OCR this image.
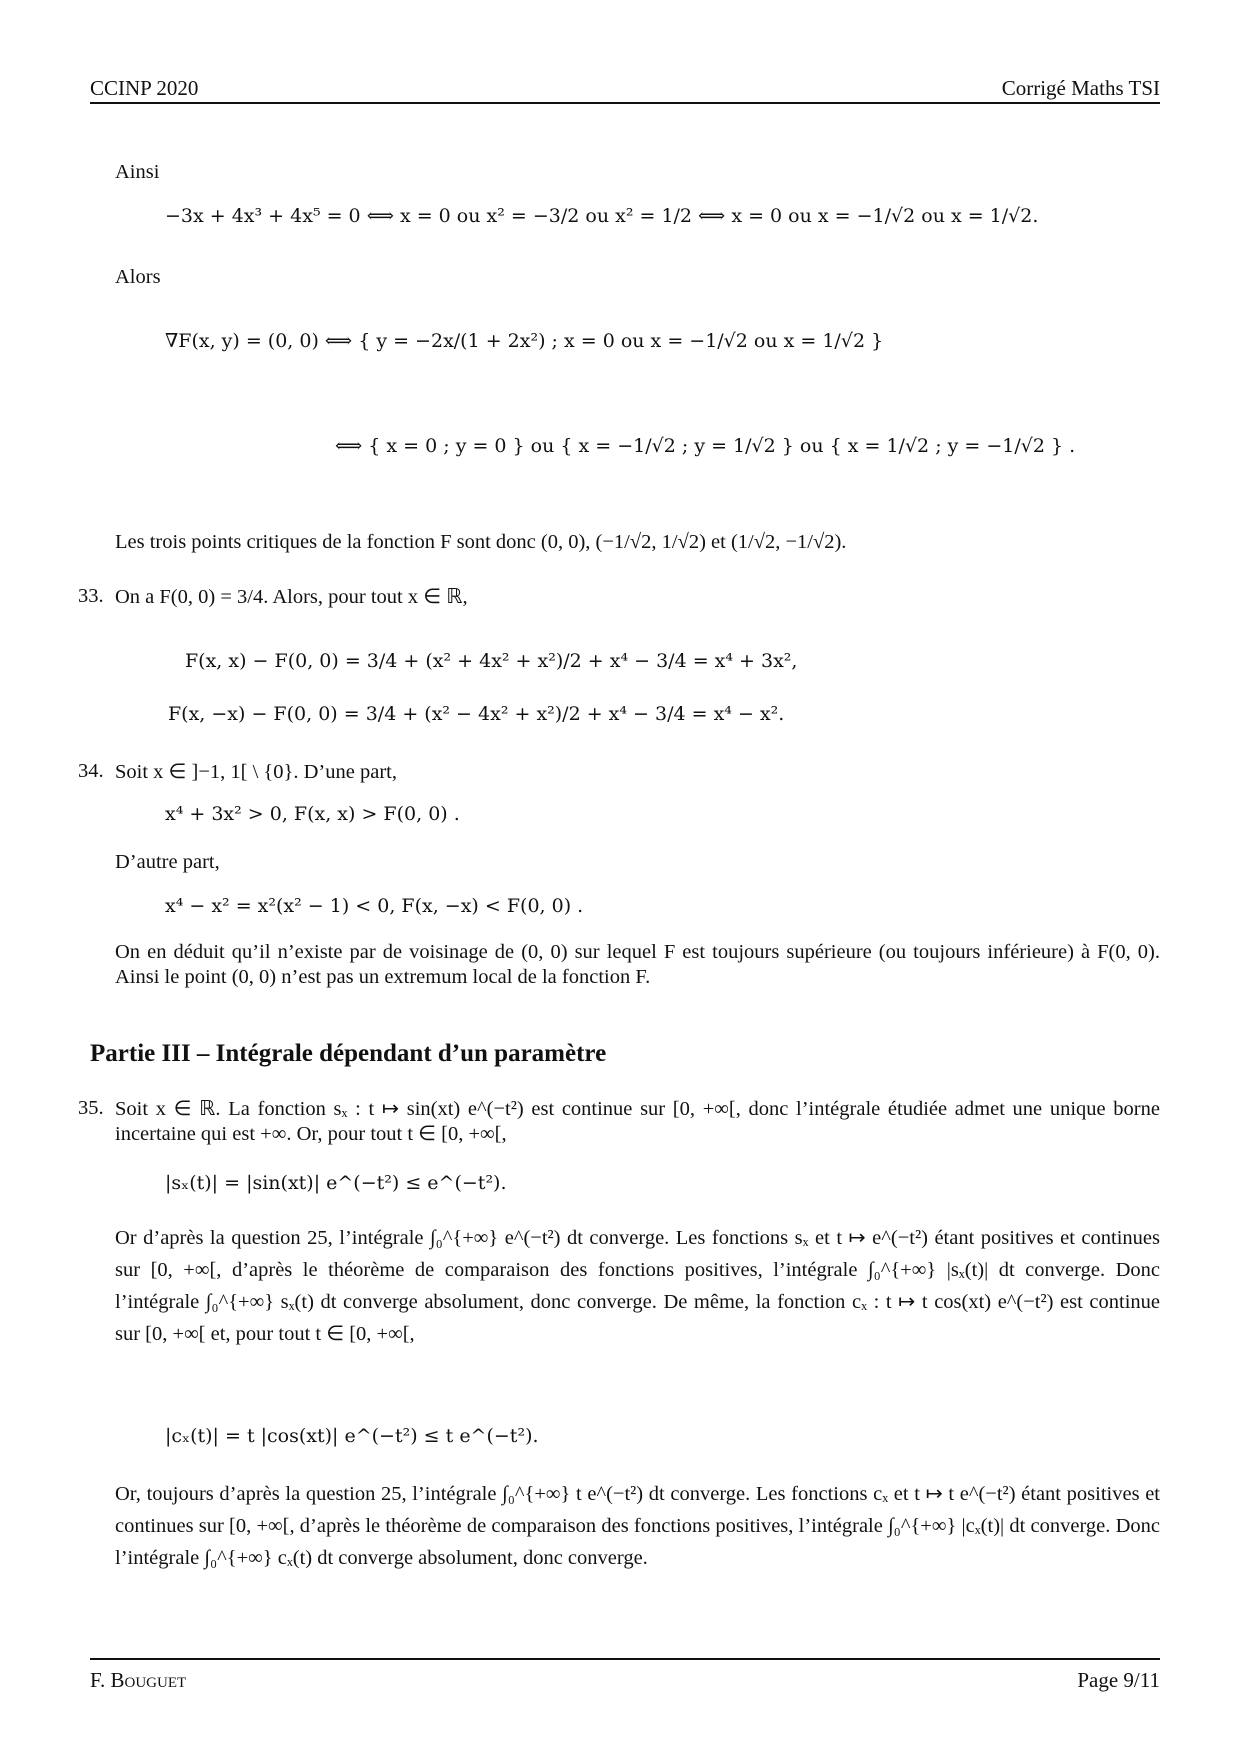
CCINP 2020	Corrigé Maths TSI
Ainsi
−3x + 4x³ + 4x⁵ = 0 ⟺ x = 0 ou x² = −3/2 ou x² = 1/2 ⟺ x = 0 ou x = −1/√2 ou x = 1/√2.
Alors
∇F(x, y) = (0, 0) ⟺ { y = −2x/(1 + 2x²) ; x = 0 ou x = −1/√2 ou x = 1/√2 }
⟺ { x = 0 ; y = 0 } ou { x = −1/√2 ; y = 1/√2 } ou { x = 1/√2 ; y = −1/√2 } .
Les trois points critiques de la fonction F sont donc (0, 0), (−1/√2, 1/√2) et (1/√2, −1/√2).
33. On a F(0, 0) = 3/4. Alors, pour tout x ∈ ℝ,
F(x, x) − F(0, 0) = 3/4 + (x² + 4x² + x²)/2 + x⁴ − 3/4 = x⁴ + 3x²,
F(x, −x) − F(0, 0) = 3/4 + (x² − 4x² + x²)/2 + x⁴ − 3/4 = x⁴ − x².
34. Soit x ∈ ]−1, 1[ \ {0}. D’une part,
x⁴ + 3x² > 0, F(x, x) > F(0, 0) .
D’autre part,
x⁴ − x² = x²(x² − 1) < 0, F(x, −x) < F(0, 0) .
On en déduit qu’il n’existe par de voisinage de (0, 0) sur lequel F est toujours supérieure (ou toujours inférieure) à F(0, 0). Ainsi le point (0, 0) n’est pas un extremum local de la fonction F.
Partie III – Intégrale dépendant d’un paramètre
35. Soit x ∈ ℝ. La fonction sₓ : t ↦ sin(xt) e^(−t²) est continue sur [0, +∞[, donc l’intégrale étudiée admet une unique borne incertaine qui est +∞. Or, pour tout t ∈ [0, +∞[,
|sₓ(t)| = |sin(xt)| e^(−t²) ≤ e^(−t²).
Or d’après la question 25, l’intégrale ∫₀^{+∞} e^(−t²) dt converge. Les fonctions sₓ et t ↦ e^(−t²) étant positives et continues sur [0, +∞[, d’après le théorème de comparaison des fonctions positives, l’intégrale ∫₀^{+∞} |sₓ(t)| dt converge. Donc l’intégrale ∫₀^{+∞} sₓ(t) dt converge absolument, donc converge. De même, la fonction cₓ : t ↦ t cos(xt) e^(−t²) est continue sur [0, +∞[ et, pour tout t ∈ [0, +∞[,
|cₓ(t)| = t |cos(xt)| e^(−t²) ≤ t e^(−t²).
Or, toujours d’après la question 25, l’intégrale ∫₀^{+∞} t e^(−t²) dt converge. Les fonctions cₓ et t ↦ t e^(−t²) étant positives et continues sur [0, +∞[, d’après le théorème de comparaison des fonctions positives, l’intégrale ∫₀^{+∞} |cₓ(t)| dt converge. Donc l’intégrale ∫₀^{+∞} cₓ(t) dt converge absolument, donc converge.
F. Bouguet	Page 9/11
